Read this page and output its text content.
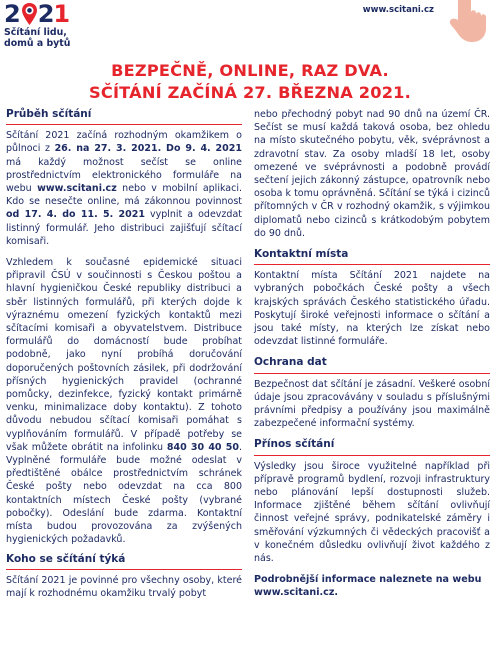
2 2 1
Sčítání lidu,
domů a bytů
www.scitani.cz
BEZPEČNĚ, ONLINE, RAZ DVA.
SČÍTÁNÍ ZAČÍNÁ 27. BŘEZNA 2021.
Průběh sčítání

Sčítání 2021 začíná rozhodným okamžikem o půlnoci z 26. na 27. 3. 2021. Do 9. 4. 2021 má každý možnost sečíst se online prostřednictvím elektronického formuláře na webu www.scitani.cz nebo v mobilní aplikaci. Kdo se nesečte online, má zákonnou povinnost od 17. 4. do 11. 5. 2021 vyplnit a odevzdat listinný formulář. Jeho distribuci zajišťují sčítací komisaři.

Vzhledem k současné epidemické situaci připravil ČSÚ v součinnosti s Českou poštou a hlavní hygieničkou České republiky distribuci a sběr listinných formulářů, při kterých dojde k výraznému omezení fyzických kontaktů mezi sčítacími komisaři a obyvatelstvem. Distribuce formulářů do domácností bude probíhat podobně, jako nyní probíhá doručování doporučených poštovních zásilek, při dodržování přísných hygienických pravidel (ochranné pomůcky, dezinfekce, fyzický kontakt primárně venku, minimalizace doby kontaktu). Z tohoto důvodu nebudou sčítací komisaři pomáhat s vyplňováním formulářů. V případě potřeby se však můžete obrátit na infolinku 840 30 40 50. Vyplněné formuláře bude možné odeslat v předtištěné obálce prostřednictvím schránek České pošty nebo odevzdat na cca 800 kontaktních místech České pošty (vybrané pobočky). Odeslání bude zdarma. Kontaktní místa budou provozována za zvýšených hygienických požadavků.

Koho se sčítání týká

Sčítání 2021 je povinné pro všechny osoby, které mají k rozhodnému okamžiku trvalý pobyt

nebo přechodný pobyt nad 90 dnů na území ČR. Sečíst se musí každá taková osoba, bez ohledu na místo skutečného pobytu, věk, svéprávnost a zdravotní stav. Za osoby mladší 18 let, osoby omezené ve svéprávnosti a podobně provádí sečtení jejich zákonný zástupce, opatrovník nebo osoba k tomu oprávněná. Sčítání se týká i cizinců přítomných v ČR v rozhodný okamžik, s výjimkou diplomatů nebo cizinců s krátkodobým pobytem do 90 dnů.

Kontaktní místa

Kontaktní místa Sčítání 2021 najdete na vybraných pobočkách České pošty a všech krajských správách Českého statistického úřadu. Poskytují široké veřejnosti informace o sčítání a jsou také místy, na kterých lze získat nebo odevzdat listinné formuláře.

Ochrana dat

Bezpečnost dat sčítání je zásadní. Veškeré osobní údaje jsou zpracovávány v souladu s příslušnými právními předpisy a používány jsou maximálně zabezpečené informační systémy.

Přínos sčítání

Výsledky jsou široce využitelné například při přípravě programů bydlení, rozvoji infrastruktury nebo plánování lepší dostupnosti služeb. Informace zjištěné během sčítání ovlivňují činnost veřejné správy, podnikatelské záměry i směřování výzkumných či vědeckých pracovišť a v konečném důsledku ovlivňují život každého z nás.

Podrobnější informace naleznete na webu
www.scitani.cz.
